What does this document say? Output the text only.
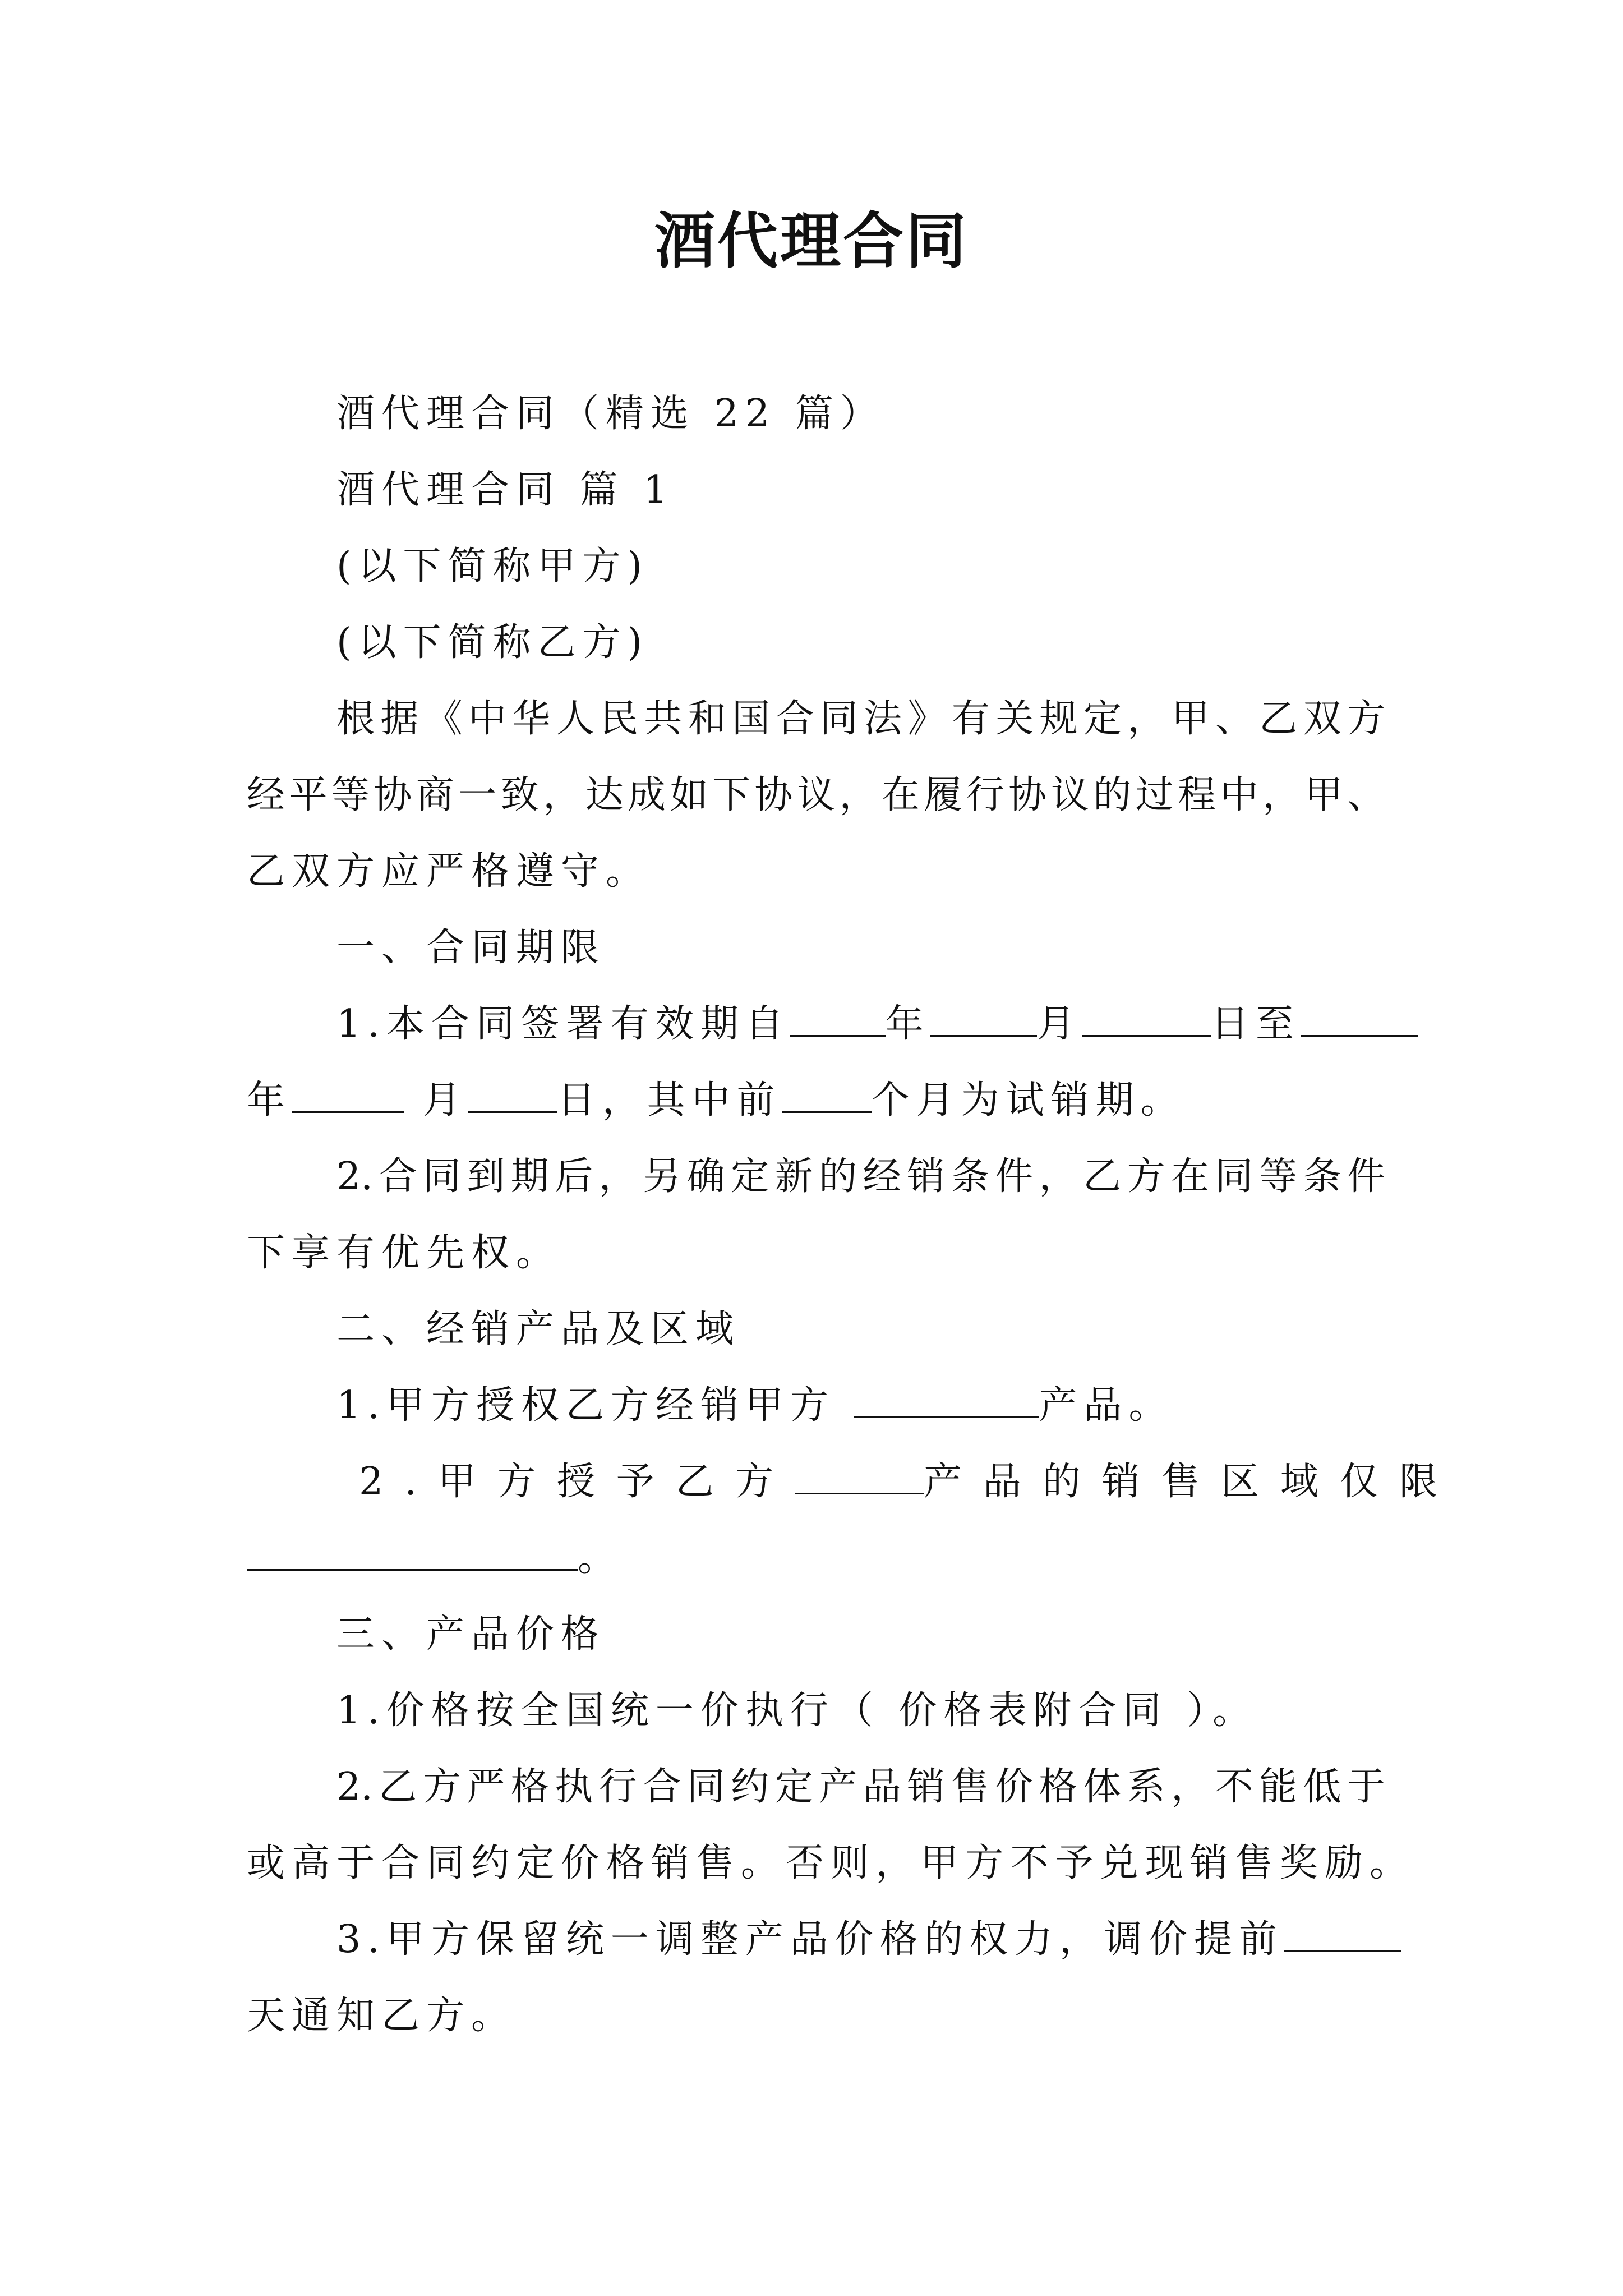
酒代理合同
酒代理合同（精选 22 篇）
酒代理合同 篇 1
(以下简称甲方)
(以下简称乙方)
根据《中华人民共和国合同法》有关规定，甲、乙双方
经平等协商一致，达成如下协议，在履行协议的过程中，甲、
乙双方应严格遵守。
一、合同期限
1.本合同签署有效期自	年	月	日至
年	月 日，其中前 个月为试销期。
2.合同到期后，另确定新的经销条件，乙方在同等条件
下享有优先权。
二、经销产品及区域
1.甲方授权乙方经销甲方	产品。
2.甲方授予乙方	产品的销售区域仅限
。
三、产品价格
1.价格按全国统一价执行（ 价格表附合同 ）。
2.乙方严格执行合同约定产品销售价格体系，不能低于
或高于合同约定价格销售。否则，甲方不予兑现销售奖励。
3.甲方保留统一调整产品价格的权力，调价提前
天通知乙方。
